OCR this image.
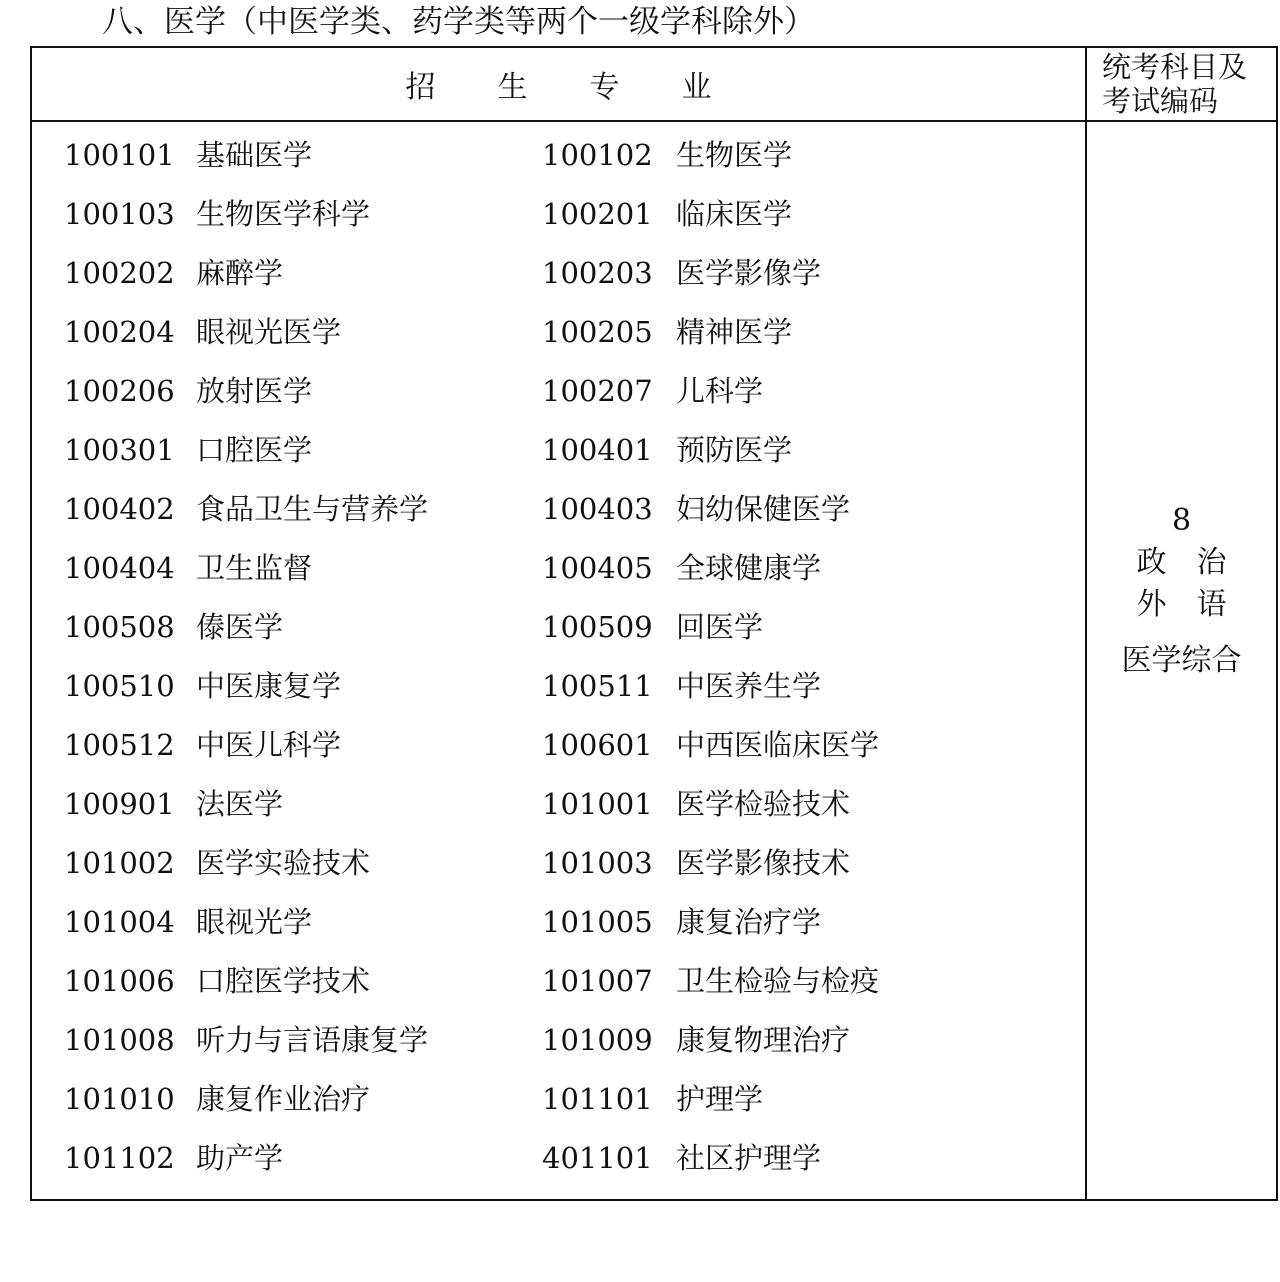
八、医学（中医学类、药学类等两个一级学科除外）
招生专业
统考科目及
考试编码
100101 基础医学	100102 生物医学
100103 生物医学科学	100201 临床医学
100202 麻醉学	100203 医学影像学
100204 眼视光医学	100205 精神医学
100206 放射医学	100207 儿科学
100301 口腔医学	100401 预防医学
100402 食品卫生与营养学	100403 妇幼保健医学
100404 卫生监督	100405 全球健康学
100508 傣医学	100509 回医学
100510 中医康复学	100511 中医养生学
100512 中医儿科学	100601 中西医临床医学
100901 法医学	101001 医学检验技术
101002 医学实验技术	101003 医学影像技术
101004 眼视光学	101005 康复治疗学
101006 口腔医学技术	101007 卫生检验与检疫
101008 听力与言语康复学	101009 康复物理治疗
101010 康复作业治疗	101101 护理学
101102 助产学	401101 社区护理学
8
政治
外语
医学综合
